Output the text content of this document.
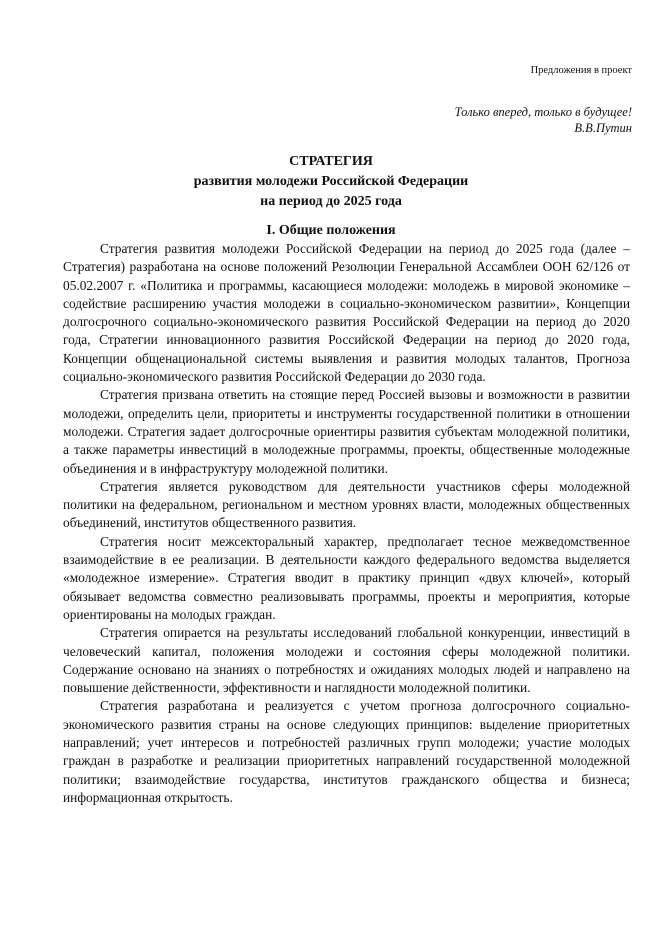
Предложения в проект
Только вперед, только в будущее!
В.В.Путин
СТРАТЕГИЯ
развития молодежи Российской Федерации
на период до 2025 года
I. Общие положения

Стратегия развития молодежи Российской Федерации на период до 2025 года (далее – Стратегия) разработана на основе положений Резолюции Генеральной Ассамблеи ООН 62/126 от 05.02.2007 г. «Политика и программы, касающиеся молодежи: молодежь в мировой экономике – содействие расширению участия молодежи в социально-экономическом развитии», Концепции долгосрочного социально-экономического развития Российской Федерации на период до 2020 года, Стратегии инновационного развития Российской Федерации на период до 2020 года, Концепции общенациональной системы выявления и развития молодых талантов, Прогноза социально-экономического развития Российской Федерации до 2030 года.

Стратегия призвана ответить на стоящие перед Россией вызовы и возможности в развитии молодежи, определить цели, приоритеты и инструменты государственной политики в отношении молодежи. Стратегия задает долгосрочные ориентиры развития субъектам молодежной политики, а также параметры инвестиций в молодежные программы, проекты, общественные молодежные объединения и в инфраструктуру молодежной политики.

Стратегия является руководством для деятельности участников сферы молодежной политики на федеральном, региональном и местном уровнях власти, молодежных общественных объединений, институтов общественного развития.

Стратегия носит межсекторальный характер, предполагает тесное межведомственное взаимодействие в ее реализации. В деятельности каждого федерального ведомства выделяется «молодежное измерение». Стратегия вводит в практику принцип «двух ключей», который обязывает ведомства совместно реализовывать программы, проекты и мероприятия, которые ориентированы на молодых граждан.

Стратегия опирается на результаты исследований глобальной конкуренции, инвестиций в человеческий капитал, положения молодежи и состояния сферы молодежной политики. Содержание основано на знаниях о потребностях и ожиданиях молодых людей и направлено на повышение действенности, эффективности и наглядности молодежной политики.

Стратегия разработана и реализуется с учетом прогноза долгосрочного социально-экономического развития страны на основе следующих принципов: выделение приоритетных направлений; учет интересов и потребностей различных групп молодежи; участие молодых граждан в разработке и реализации приоритетных направлений государственной молодежной политики; взаимодействие государства, институтов гражданского общества и бизнеса; информационная открытость.
